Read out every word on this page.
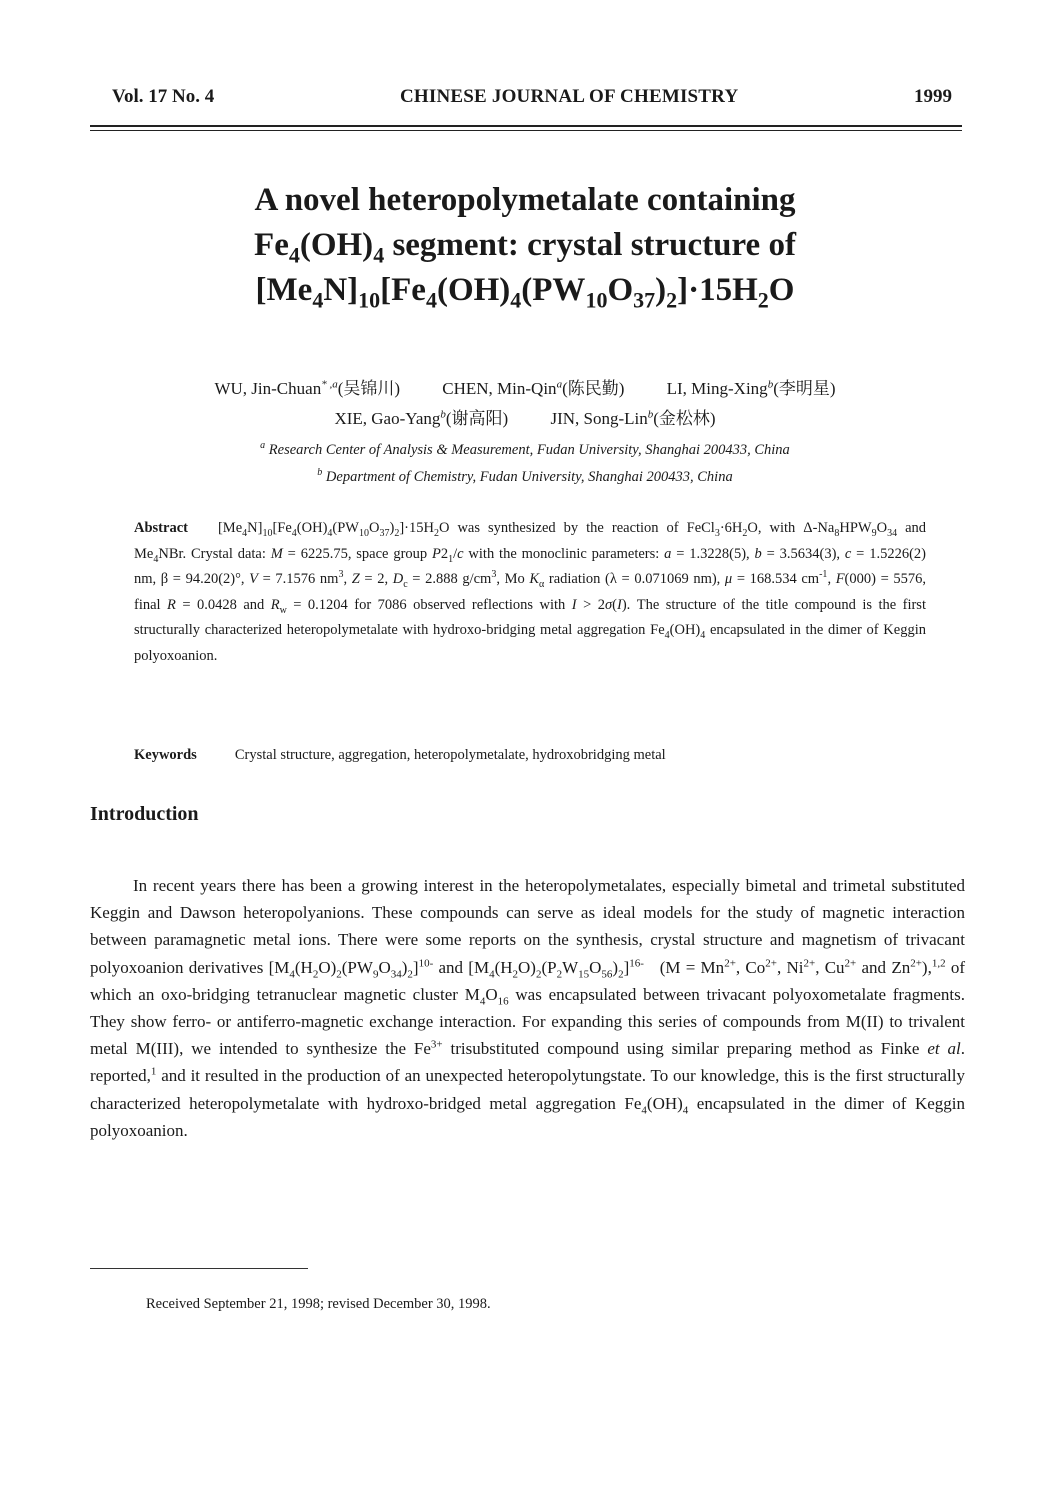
Vol. 17 No. 4	CHINESE JOURNAL OF CHEMISTRY	1999
A novel heteropolymetalate containing
$Fe_4(OH)_4$ segment: crystal structure of
$[Me_4N]_{10}[Fe_4(OH)_4(PW_{10}O_{37})_2]\cdot 15H_2O$
WU, Jin-Chuan$^{* ,a}$(吴锦川) CHEN, Min-Qin$^a$(陈民勤) LI, Ming-Xing$^b$(李明星)
XIE, Gao-Yang$^b$(谢高阳) JIN, Song-Lin$^b$(金松林)
$^a$ Research Center of Analysis & Measurement, Fudan University, Shanghai 200433, China
$^b$ Department of Chemistry, Fudan University, Shanghai 200433, China
Abstract $[Me_4N]_{10}[Fe_4(OH)_4(PW_{10}O_{37})_2]\cdot 15H_2O$ was synthesized by the reaction of $FeCl_3\cdot 6H_2O$, with $\Delta-Na_8HPW_9O_{34}$ and $Me_4NBr$. Crystal data: M = 6225.75, space group $P2_1/c$ with the monoclinic parameters: a = 1.3228(5), b = 3.5634(3), c = 1.5226(2) nm, β = 94.20(2)°, V = 7.1576 $nm^3$, Z = 2, $D_c = 2.888$ $g/cm^3$, Mo $K_\alpha$ radiation (λ = 0.071069 nm), μ = 168.534 $cm^{-1}$, F(000) = 5576, final R = 0.0428 and $R_w = 0.1204$ for 7086 observed reflections with I > 2σ(I). The structure of the title compound is the first structurally characterized heteropolymetalate with hydroxo-bridging metal aggregation $Fe_4(OH)_4$ encapsulated in the dimer of Keggin polyoxoanion.
Keywords	Crystal structure, aggregation, heteropolymetalate, hydroxobridging metal
Introduction

In recent years there has been a growing interest in the heteropolymetalates, especially bimetal and trimetal substituted Keggin and Dawson heteropolyanions. These compounds can serve as ideal models for the study of magnetic interaction between paramagnetic metal ions. There were some reports on the synthesis, crystal structure and magnetism of trivacant polyoxoanion derivatives $[M_4(H_2O)_2(PW_9O_{34})_2]^{10-}$ and $[M_4(H_2O)_2(P_2W_{15}O_{56})_2]^{16-}$   ($M = Mn^{2+}$, $Co^{2+}$, $Ni^{2+}$, $Cu^{2+}$ and $Zn^{2+}),^{1,2}$ of which an oxo-bridging tetranuclear magnetic cluster $M_4O_{16}$ was encapsulated between trivacant polyoxometalate fragments. They show ferro- or antiferro-magnetic exchange interaction. For expanding this series of compounds from M(II) to trivalent metal M(III), we intended to synthesize the $Fe^{3+}$ trisubstituted compound using similar preparing method as Finke et al. reported,$^1$ and it resulted in the production of an unexpected heteropolytungstate. To our knowledge, this is the first structurally characterized heteropolymetalate with hydroxo-bridged metal aggregation $Fe_4(OH)_4$ encapsulated in the dimer of Keggin polyoxoanion.

Received September 21, 1998; revised December 30, 1998.
